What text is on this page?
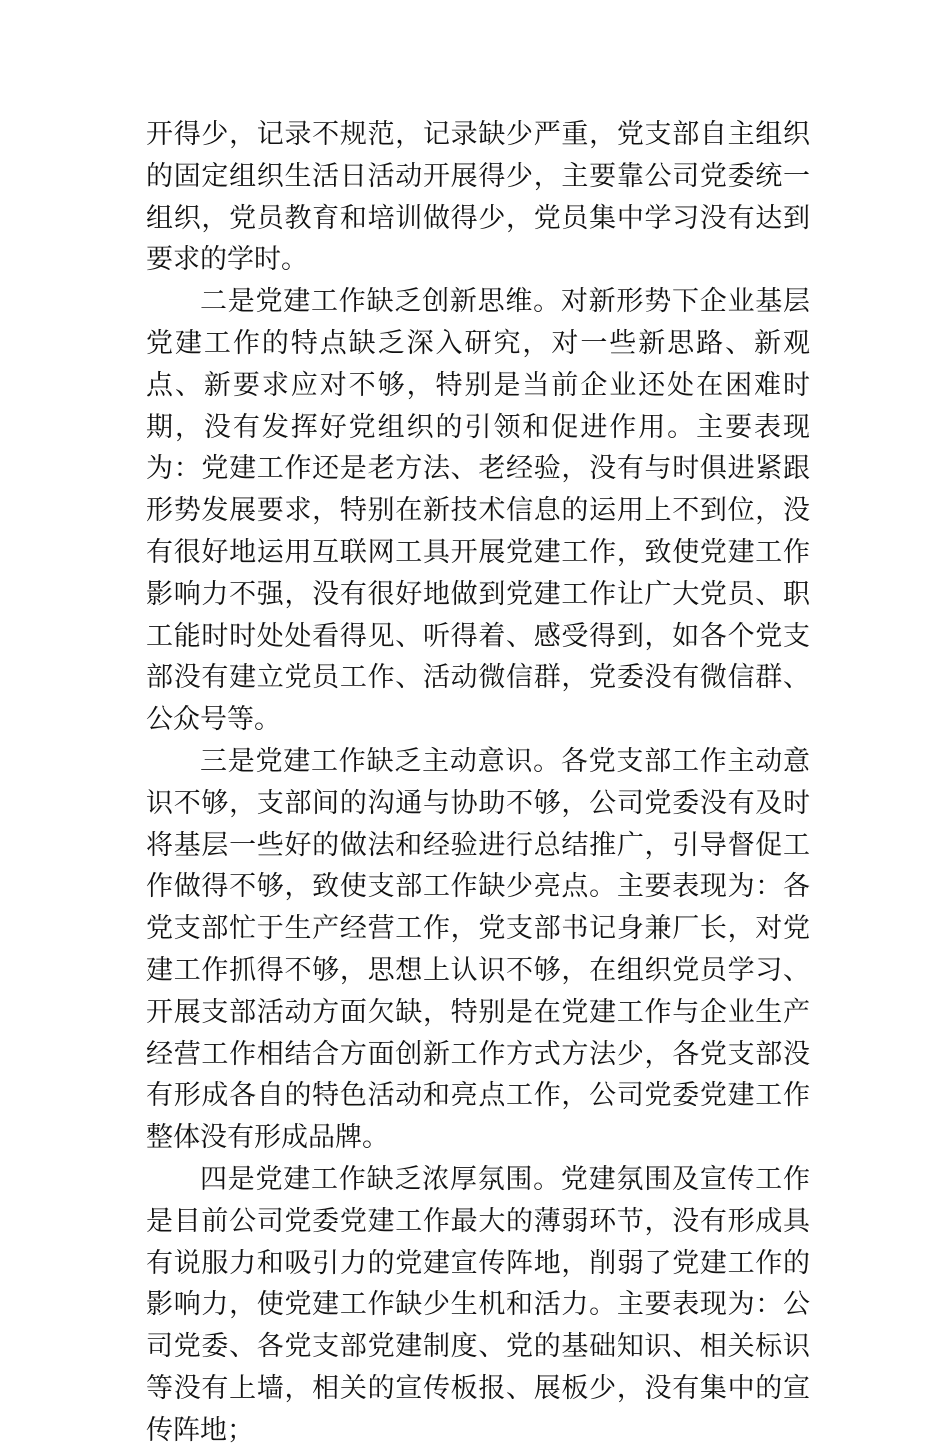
开得少，记录不规范，记录缺少严重，党支部自主组织的固定组织生活日活动开展得少，主要靠公司党委统一组织，党员教育和培训做得少，党员集中学习没有达到要求的学时。

二是党建工作缺乏创新思维。对新形势下企业基层党建工作的特点缺乏深入研究，对一些新思路、新观点、新要求应对不够，特别是当前企业还处在困难时期，没有发挥好党组织的引领和促进作用。主要表现为：党建工作还是老方法、老经验，没有与时俱进紧跟形势发展要求，特别在新技术信息的运用上不到位，没有很好地运用互联网工具开展党建工作，致使党建工作影响力不强，没有很好地做到党建工作让广大党员、职工能时时处处看得见、听得着、感受得到，如各个党支部没有建立党员工作、活动微信群，党委没有微信群、公众号等。

三是党建工作缺乏主动意识。各党支部工作主动意识不够，支部间的沟通与协助不够，公司党委没有及时将基层一些好的做法和经验进行总结推广，引导督促工作做得不够，致使支部工作缺少亮点。主要表现为：各党支部忙于生产经营工作，党支部书记身兼厂长，对党建工作抓得不够，思想上认识不够，在组织党员学习、开展支部活动方面欠缺，特别是在党建工作与企业生产经营工作相结合方面创新工作方式方法少，各党支部没有形成各自的特色活动和亮点工作，公司党委党建工作整体没有形成品牌。

四是党建工作缺乏浓厚氛围。党建氛围及宣传工作是目前公司党委党建工作最大的薄弱环节，没有形成具有说服力和吸引力的党建宣传阵地，削弱了党建工作的影响力，使党建工作缺少生机和活力。主要表现为：公司党委、各党支部党建制度、党的基础知识、相关标识等没有上墙，相关的宣传板报、展板少，没有集中的宣传阵地；
